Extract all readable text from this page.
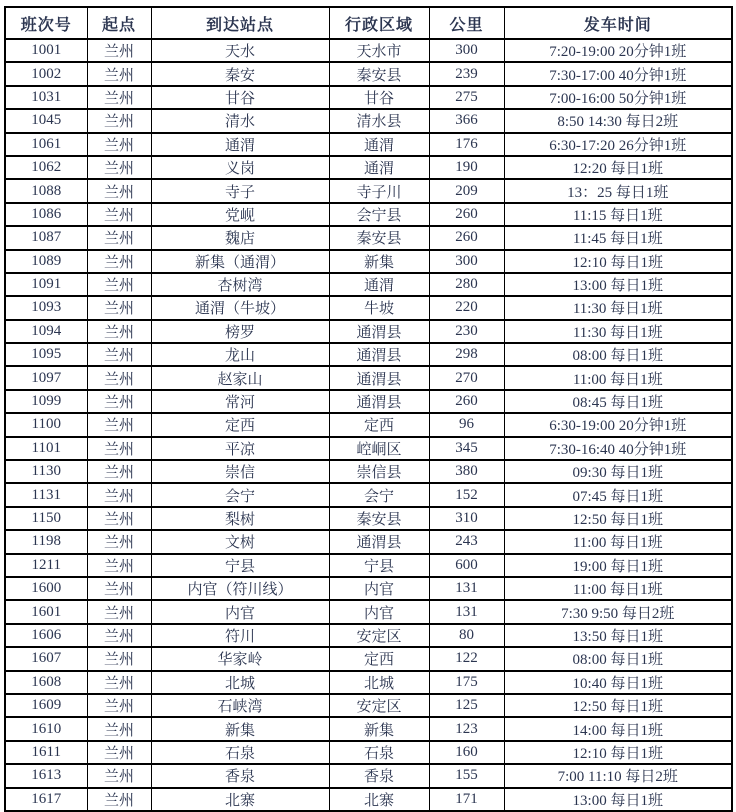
班次号	起点	到达站点	行政区域	公里	发车时间
1001	兰州	天水	天水市	300	7:20-19:00 20分钟1班
1002	兰州	秦安	秦安县	239	7:30-17:00 40分钟1班
1031	兰州	甘谷	甘谷	275	7:00-16:00 50分钟1班
1045	兰州	清水	清水县	366	8:50 14:30 每日2班
1061	兰州	通渭	通渭	176	6:30-17:20 26分钟1班
1062	兰州	义岗	通渭	190	12:20 每日1班
1088	兰州	寺子	寺子川	209	13：25 每日1班
1086	兰州	党岘	会宁县	260	11:15 每日1班
1087	兰州	魏店	秦安县	260	11:45 每日1班
1089	兰州	新集（通渭）	新集	300	12:10 每日1班
1091	兰州	杏树湾	通渭	280	13:00 每日1班
1093	兰州	通渭（牛坡）	牛坡	220	11:30 每日1班
1094	兰州	榜罗	通渭县	230	11:30 每日1班
1095	兰州	龙山	通渭县	298	08:00 每日1班
1097	兰州	赵家山	通渭县	270	11:00 每日1班
1099	兰州	常河	通渭县	260	08:45 每日1班
1100	兰州	定西	定西	96	6:30-19:00 20分钟1班
1101	兰州	平凉	崆峒区	345	7:30-16:40 40分钟1班
1130	兰州	崇信	崇信县	380	09:30 每日1班
1131	兰州	会宁	会宁	152	07:45 每日1班
1150	兰州	梨树	秦安县	310	12:50 每日1班
1198	兰州	文树	通渭县	243	11:00 每日1班
1211	兰州	宁县	宁县	600	19:00 每日1班
1600	兰州	内官（符川线）	内官	131	11:00 每日1班
1601	兰州	内官	内官	131	7:30 9:50 每日2班
1606	兰州	符川	安定区	80	13:50 每日1班
1607	兰州	华家岭	定西	122	08:00 每日1班
1608	兰州	北城	北城	175	10:40 每日1班
1609	兰州	石峡湾	安定区	125	12:50 每日1班
1610	兰州	新集	新集	123	14:00 每日1班
1611	兰州	石泉	石泉	160	12:10 每日1班
1613	兰州	香泉	香泉	155	7:00 11:10 每日2班
1617	兰州	北寨	北寨	171	13:00 每日1班
